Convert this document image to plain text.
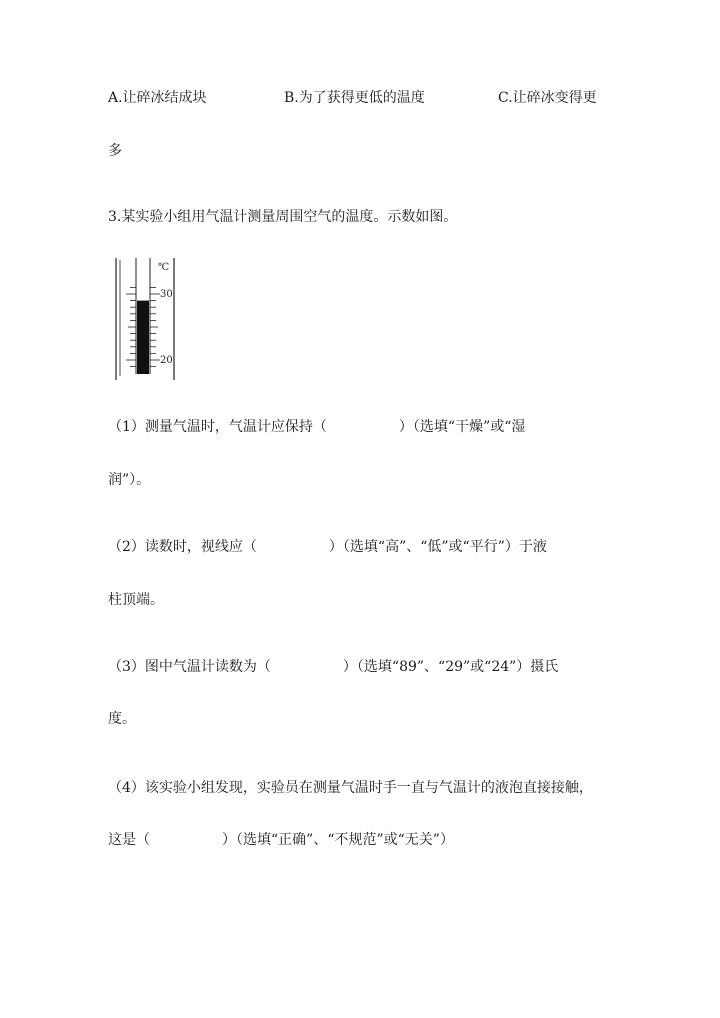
A.让碎冰结成块	B.为了获得更低的温度	C.让碎冰变得更
多
3.某实验小组用气温计测量周围空气的温度。示数如图。
℃
30
20
（1）测量气温时，气温计应保持（	）（选填“干燥”或“湿
润”）。
（2）读数时，视线应（	）（选填“高”、“低”或“平行”）于液
柱顶端。
（3）图中气温计读数为（	）（选填“89”、“29”或“24”）摄氏
度。
（4）该实验小组发现，实验员在测量气温时手一直与气温计的液泡直接接触，
这是（	）（选填“正确”、“不规范”或“无关”）
